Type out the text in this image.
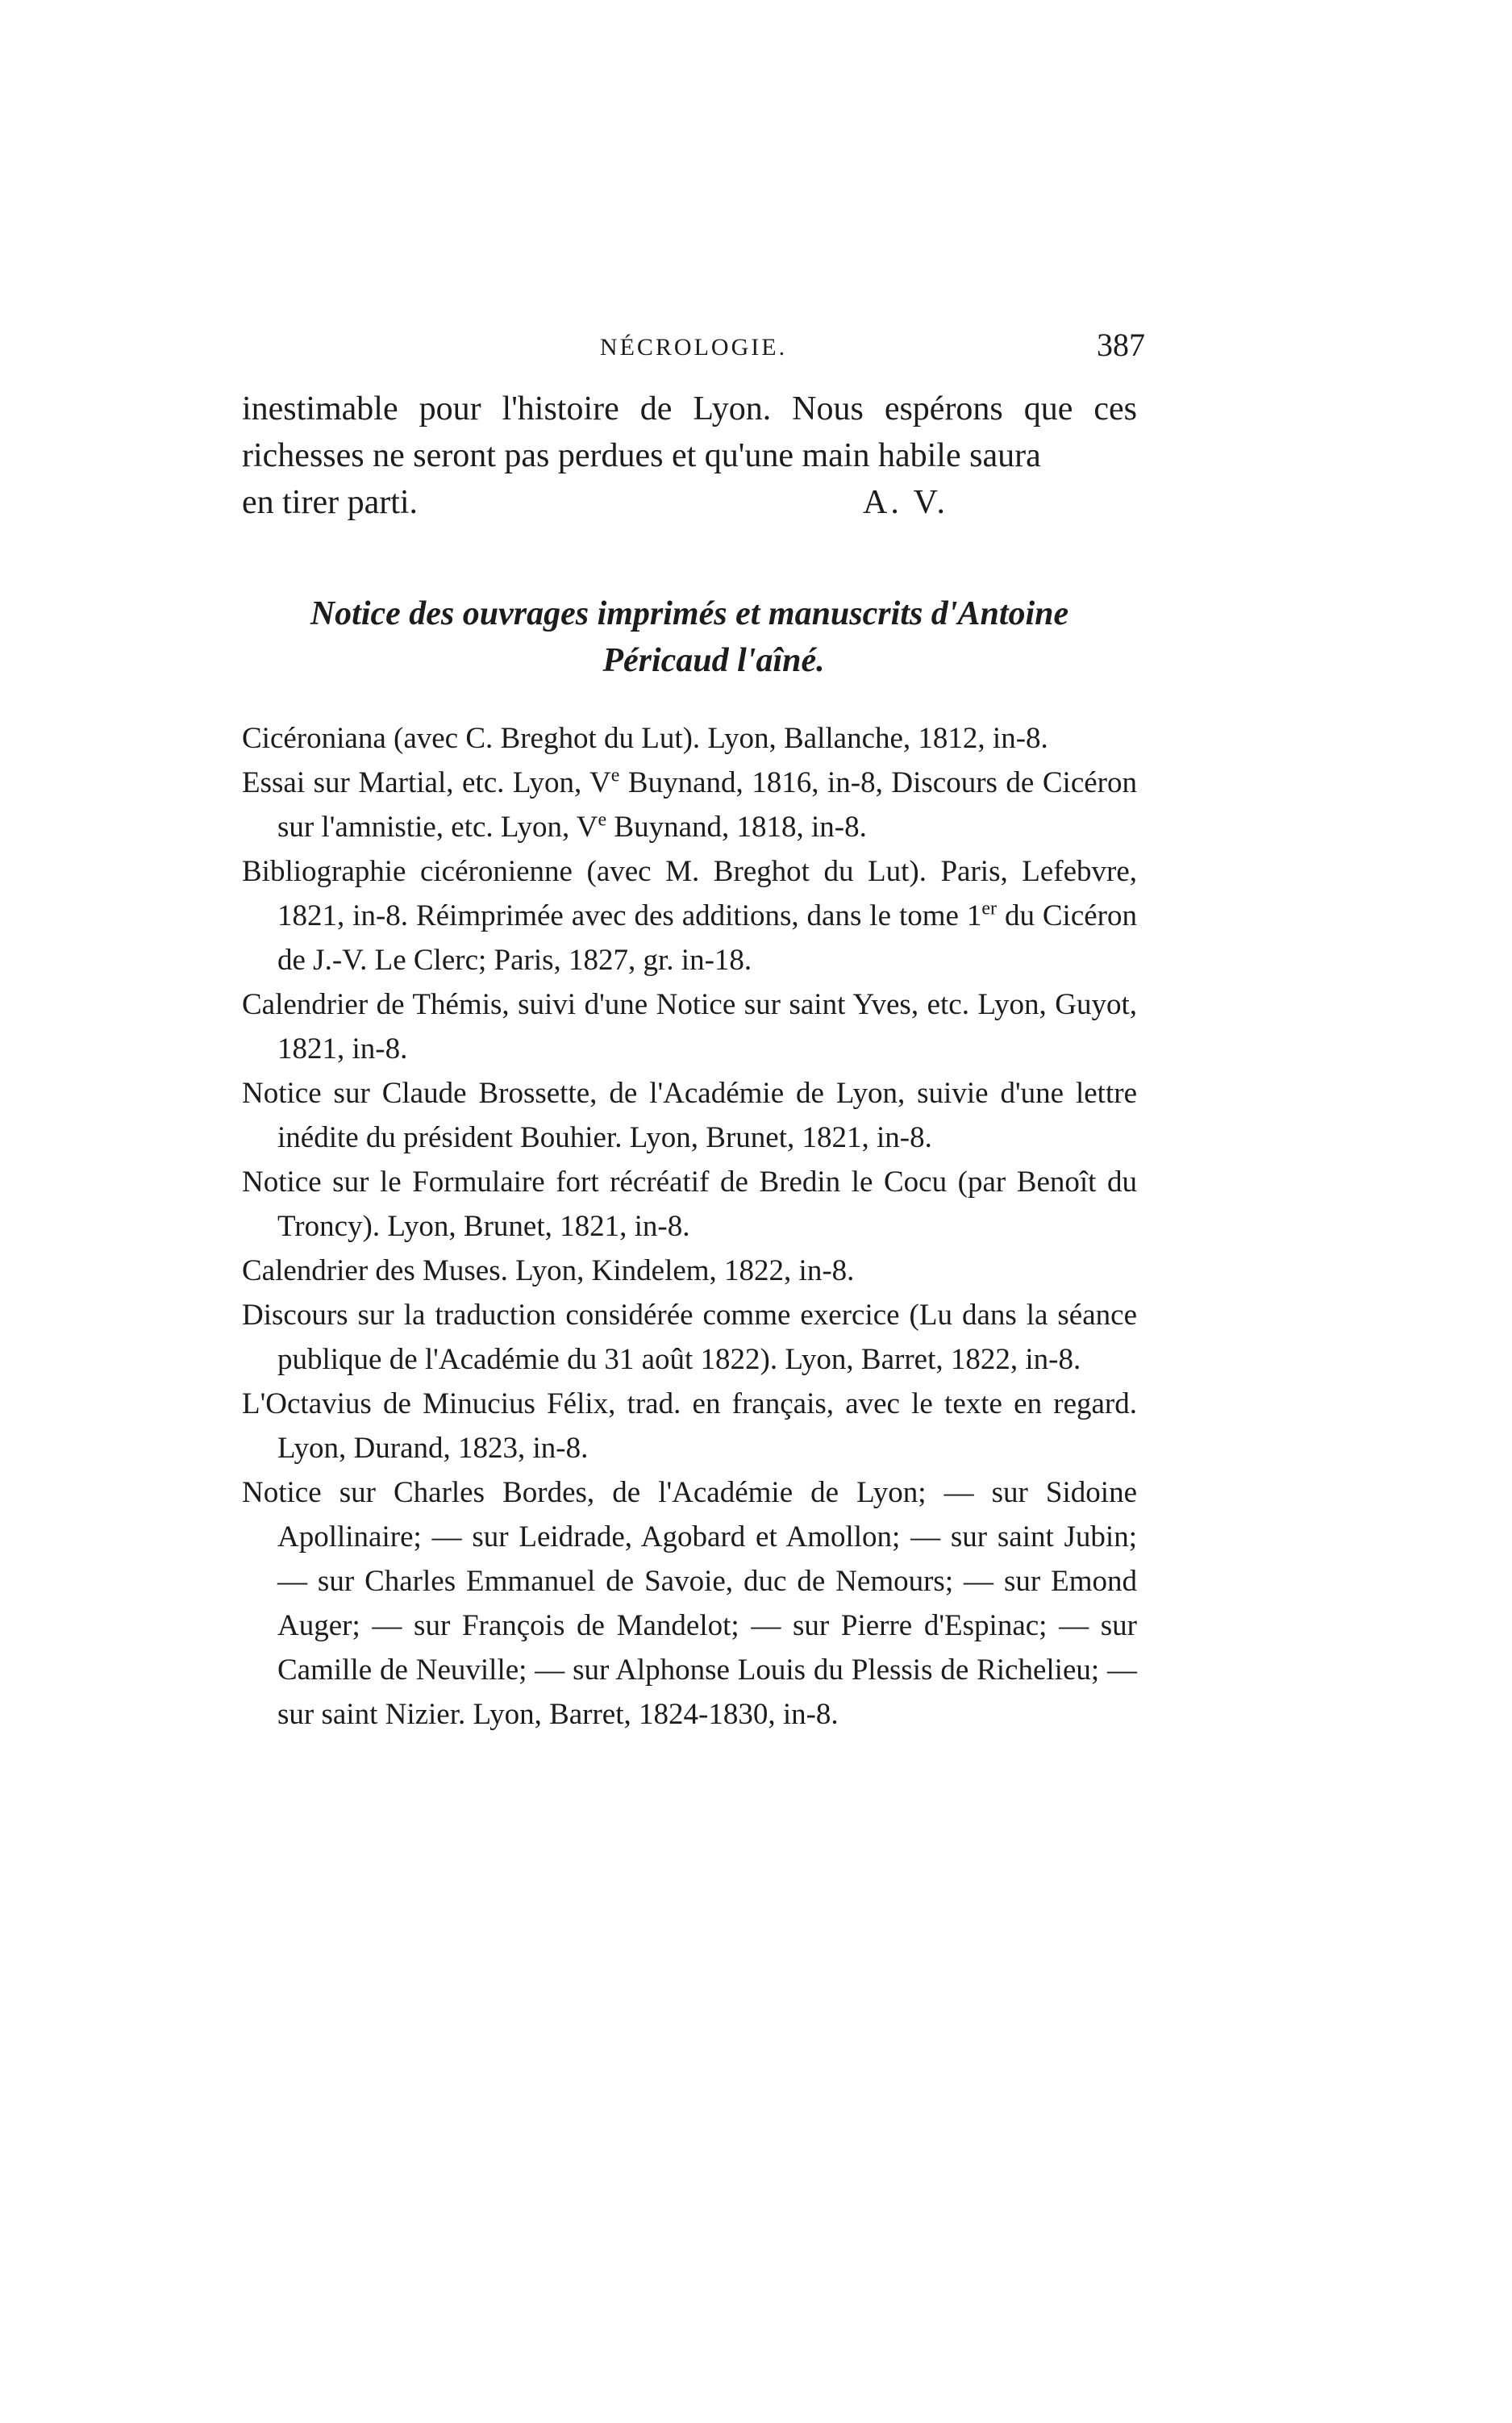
NÉCROLOGIE.	387

inestimable pour l'histoire de Lyon. Nous espérons que ces richesses ne seront pas perdues et qu'une main habile saura

en tirer parti.	A. V.

Notice des ouvrages imprimés et manuscrits d'Antoine
Péricaud l'aîné.
Cicéroniana (avec C. Breghot du Lut). Lyon, Ballanche, 1812, in-8.
Essai sur Martial, etc. Lyon, Ve Buynand, 1816, in-8, Discours de Cicéron sur l'amnistie, etc. Lyon, Ve Buynand, 1818, in-8.
Bibliographie cicéronienne (avec M. Breghot du Lut). Paris, Lefebvre, 1821, in-8. Réimprimée avec des additions, dans le tome 1er du Cicéron de J.-V. Le Clerc; Paris, 1827, gr. in-18.
Calendrier de Thémis, suivi d'une Notice sur saint Yves, etc. Lyon, Guyot, 1821, in-8.
Notice sur Claude Brossette, de l'Académie de Lyon, suivie d'une lettre inédite du président Bouhier. Lyon, Brunet, 1821, in-8.
Notice sur le Formulaire fort récréatif de Bredin le Cocu (par Benoît du Troncy). Lyon, Brunet, 1821, in-8.
Calendrier des Muses. Lyon, Kindelem, 1822, in-8.
Discours sur la traduction considérée comme exercice (Lu dans la séance publique de l'Académie du 31 août 1822). Lyon, Barret, 1822, in-8.
L'Octavius de Minucius Félix, trad. en français, avec le texte en regard. Lyon, Durand, 1823, in-8.
Notice sur Charles Bordes, de l'Académie de Lyon; — sur Sidoine Apollinaire; — sur Leidrade, Agobard et Amollon; — sur saint Jubin; — sur Charles Emmanuel de Savoie, duc de Nemours; — sur Emond Auger; — sur François de Mandelot; — sur Pierre d'Espinac; — sur Camille de Neuville; — sur Alphonse Louis du Plessis de Richelieu; — sur saint Nizier. Lyon, Barret, 1824-1830, in-8.
